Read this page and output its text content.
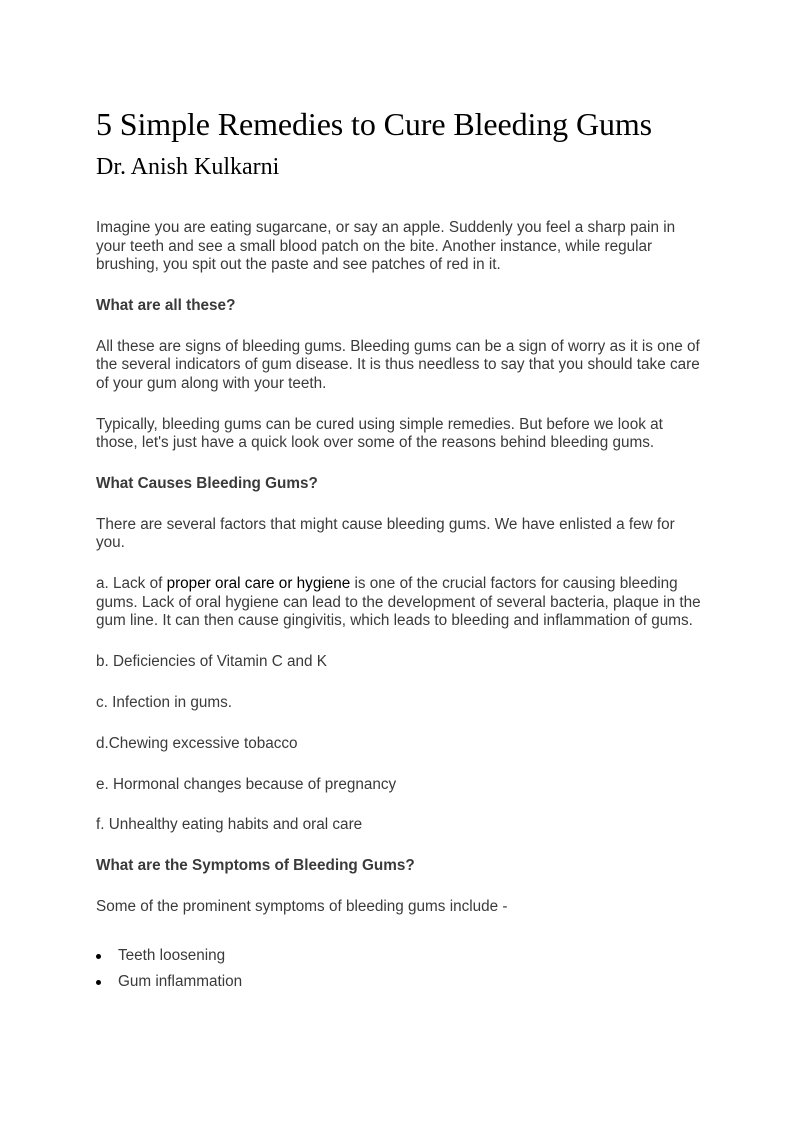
5 Simple Remedies to Cure Bleeding Gums
Dr. Anish Kulkarni

Imagine you are eating sugarcane, or say an apple. Suddenly you feel a sharp pain in your teeth and see a small blood patch on the bite. Another instance, while regular brushing, you spit out the paste and see patches of red in it.

What are all these?

All these are signs of bleeding gums. Bleeding gums can be a sign of worry as it is one of the several indicators of gum disease. It is thus needless to say that you should take care of your gum along with your teeth.

Typically, bleeding gums can be cured using simple remedies. But before we look at those, let's just have a quick look over some of the reasons behind bleeding gums.

What Causes Bleeding Gums?

There are several factors that might cause bleeding gums. We have enlisted a few for you.

a. Lack of proper oral care or hygiene is one of the crucial factors for causing bleeding gums. Lack of oral hygiene can lead to the development of several bacteria, plaque in the gum line. It can then cause gingivitis, which leads to bleeding and inflammation of gums.

b. Deficiencies of Vitamin C and K

c. Infection in gums.

d.Chewing excessive tobacco

e. Hormonal changes because of pregnancy

f. Unhealthy eating habits and oral care

What are the Symptoms of Bleeding Gums?

Some of the prominent symptoms of bleeding gums include -

Teeth loosening
Gum inflammation
